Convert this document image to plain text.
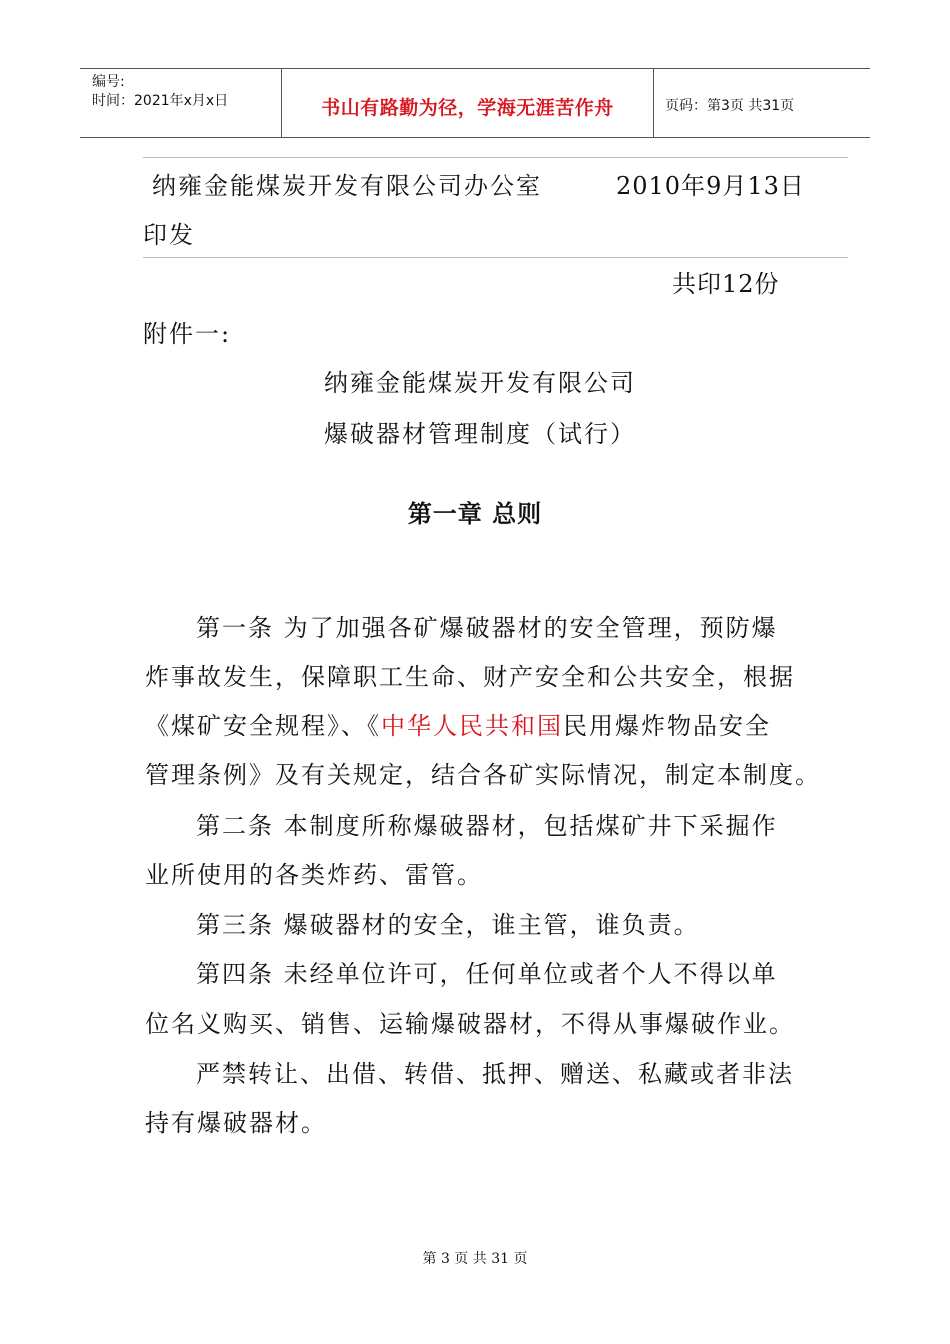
编号:
时间：2021年x月x日	书山有路勤为径，学海无涯苦作舟	页码：第3页 共31页
纳雍金能煤炭开发有限公司办公室	2010年9月13日
印发
共印12份
附件一:
纳雍金能煤炭开发有限公司
爆破器材管理制度（试行）
第一章 总则
第一条 为了加强各矿爆破器材的安全管理，预防爆
炸事故发生，保障职工生命、财产安全和公共安全，根据
《煤矿安全规程》、《中华人民共和国民用爆炸物品安全
管理条例》及有关规定，结合各矿实际情况，制定本制度。
第二条 本制度所称爆破器材，包括煤矿井下采掘作
业所使用的各类炸药、雷管。
第三条 爆破器材的安全，谁主管，谁负责。
第四条 未经单位许可，任何单位或者个人不得以单
位名义购买、销售、运输爆破器材，不得从事爆破作业。
严禁转让、出借、转借、抵押、赠送、私藏或者非法
持有爆破器材。
第 3 页 共 31 页
